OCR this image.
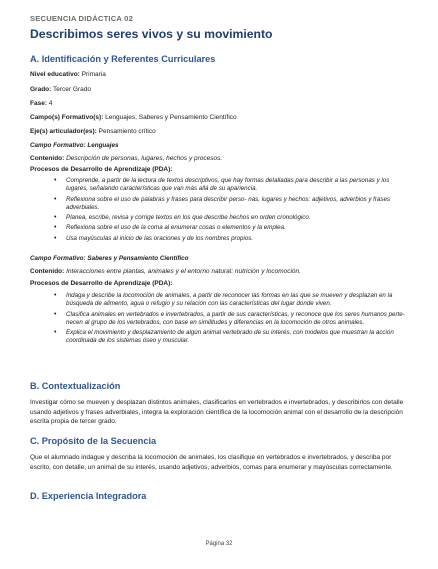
SECUENCIA DIDÁCTICA 02
Describimos seres vivos y su movimiento
A. Identificación y Referentes Curriculares
Nivel educativo: Primaria
Grado: Tercer Grado
Fase: 4
Campo(s) Formativo(s): Lenguajes; Saberes y Pensamiento Científico
Eje(s) articulador(es): Pensamiento crítico
Campo Formativo: Lenguajes
Contenido: Descripción de personas, lugares, hechos y procesos.
Procesos de Desarrollo de Aprendizaje (PDA):
• Comprende, a partir de la lectura de textos descriptivos, que hay formas detalladas para describir a las personas y los lugares, señalando características que van más allá de su apariencia.
• Reflexiona sobre el uso de palabras y frases para describir perso- nas, lugares y hechos: adjetivos, adverbios y frases adverbiales.
• Planea, escribe, revisa y corrige textos en los que describe hechos en orden cronológico.
• Reflexiona sobre el uso de la coma al enumerar cosas o elementos y la emplea.
• Usa mayúsculas al inicio de las oraciones y de los nombres propios.
Campo Formativo: Saberes y Pensamiento Científico
Contenido: Interacciones entre plantas, animales y el entorno natural: nutrición y locomoción.
Procesos de Desarrollo de Aprendizaje (PDA):
• Indaga y describe la locomoción de animales, a partir de reconocer las formas en las que se mueven y desplazan en la búsqueda de alimento, agua o refugio y su relación con las características del lugar donde viven.
• Clasifica animales en vertebrados e invertebrados, a partir de sus características, y reconoce que los seres humanos perte- necen al grupo de los vertebrados, con base en similitudes y diferencias en la locomoción de otros animales.
• Explica el movimiento y desplazamiento de algún animal vertebrado de su interés, con modelos que muestran la acción coordinada de los sistemas óseo y muscular.
B. Contextualización

Investigar cómo se mueven y desplazan distintos animales, clasificarlos en vertebrados e invertebrados, y describirlos con detalle usando adjetivos y frases adverbiales, integra la exploración científica de la locomoción animal con el desarrollo de la descripción escrita propia de tercer grado.

C. Propósito de la Secuencia

Que el alumnado indague y describa la locomoción de animales, los clasifique en vertebrados e invertebrados, y describa por escrito, con detalle, un animal de su interés, usando adjetivos, adverbios, comas para enumerar y mayúsculas correctamente.

D. Experiencia Integradora
Página 32
